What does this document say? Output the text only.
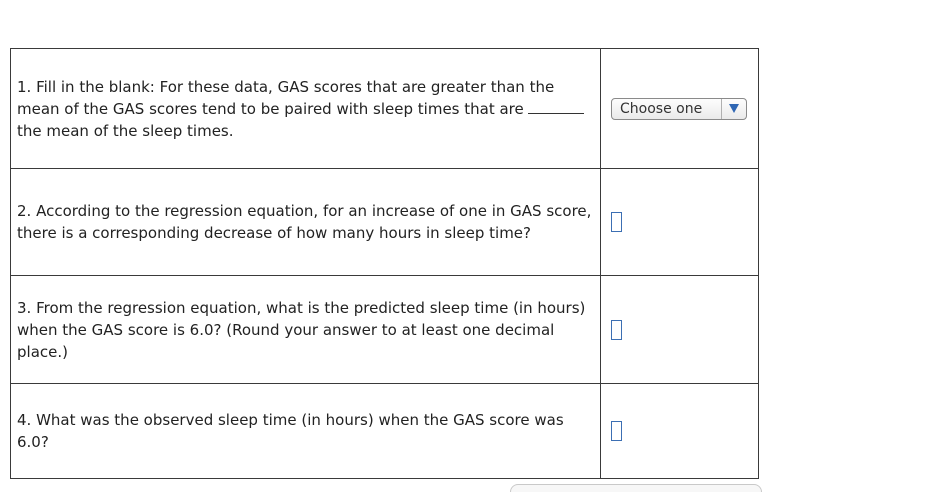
1. Fill in the blank: For these data, GAS scores that are greater than the mean of the GAS scores tend to be paired with sleep times that arethe mean of the sleep times.	Choose one

2. According to the regression equation, for an increase of one in GAS score, there is a corresponding decrease of how many hours in sleep time?	
3. From the regression equation, what is the predicted sleep time (in hours) when the GAS score is 6.0? (Round your answer to at least one decimal place.)	
4. What was the observed sleep time (in hours) when the GAS score was 6.0?	
